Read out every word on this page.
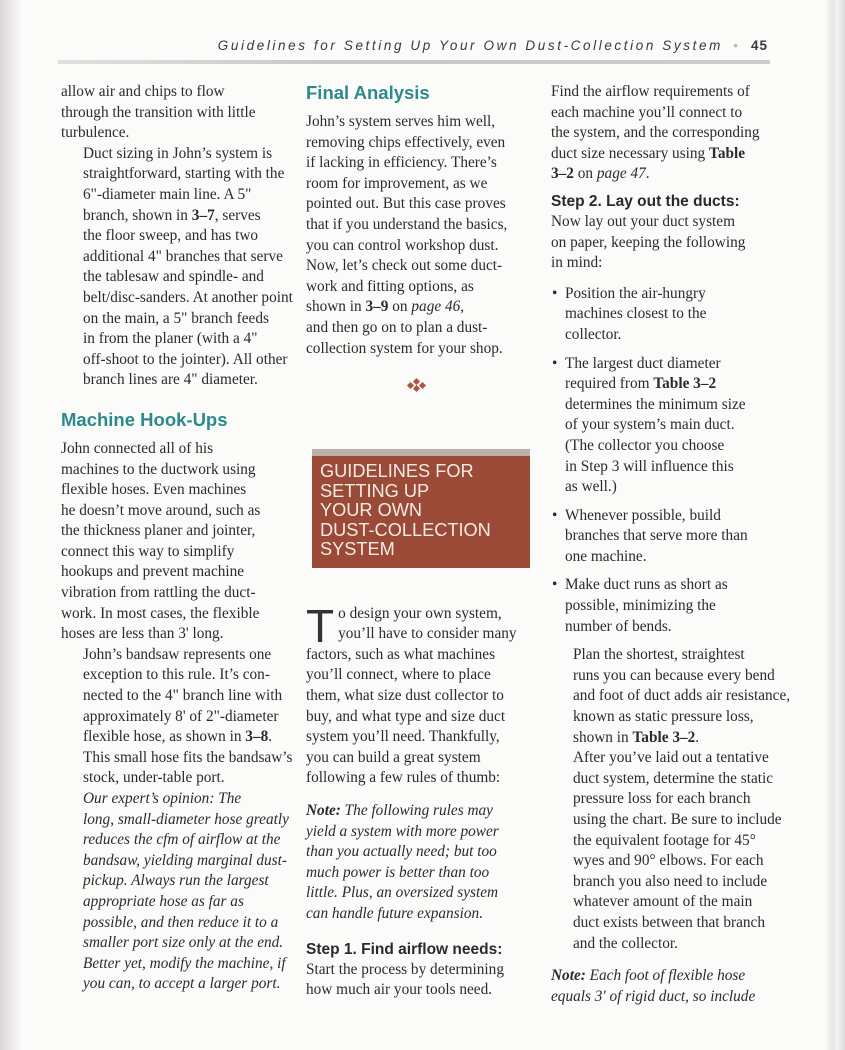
Guidelines for Setting Up Your Own Dust-Collection System • 45

allow air and chips to flow
through the transition with little
turbulence.

Duct sizing in John’s system is
straightforward, starting with the
6"-diameter main line. A 5"
branch, shown in 3–7, serves
the floor sweep, and has two
additional 4" branches that serve
the tablesaw and spindle- and
belt/disc-sanders. At another point
on the main, a 5" branch feeds
in from the planer (with a 4"
off-shoot to the jointer). All other
branch lines are 4" diameter.

Machine Hook-Ups

John connected all of his
machines to the ductwork using
flexible hoses. Even machines
he doesn’t move around, such as
the thickness planer and jointer,
connect this way to simplify
hookups and prevent machine
vibration from rattling the duct-
work. In most cases, the flexible
hoses are less than 3' long.

John’s bandsaw represents one
exception to this rule. It’s con-
nected to the 4" branch line with
approximately 8' of 2"-diameter
flexible hose, as shown in 3–8.
This small hose fits the bandsaw’s
stock, under-table port.

Our expert’s opinion: The
long, small-diameter hose greatly
reduces the cfm of airflow at the
bandsaw, yielding marginal dust-
pickup. Always run the largest
appropriate hose as far as
possible, and then reduce it to a
smaller port size only at the end.
Better yet, modify the machine, if
you can, to accept a larger port.

Final Analysis

John’s system serves him well,
removing chips effectively, even
if lacking in efficiency. There’s
room for improvement, as we
pointed out. But this case proves
that if you understand the basics,
you can control workshop dust.
Now, let’s check out some duct-
work and fitting options, as
shown in 3–9 on page 46,
and then go on to plan a dust-
collection system for your shop.

GUIDELINES FOR
SETTING UP
YOUR OWN
DUST-COLLECTION
SYSTEM

T o design your own system,
you’ll have to consider many
factors, such as what machines
you’ll connect, where to place
them, what size dust collector to
buy, and what type and size duct
system you’ll need. Thankfully,
you can build a great system
following a few rules of thumb:

Note: The following rules may
yield a system with more power
than you actually need; but too
much power is better than too
little. Plus, an oversized system
can handle future expansion.

Step 1. Find airflow needs:

Start the process by determining
how much air your tools need.

Find the airflow requirements of
each machine you’ll connect to
the system, and the corresponding
duct size necessary using Table
3–2 on page 47.

Step 2. Lay out the ducts:

Now lay out your duct system
on paper, keeping the following
in mind:

• Position the air-hungry
machines closest to the
collector.
• The largest duct diameter
required from Table 3–2
determines the minimum size
of your system’s main duct.
(The collector you choose
in Step 3 will influence this
as well.)
• Whenever possible, build
branches that serve more than
one machine.
• Make duct runs as short as
possible, minimizing the
number of bends.

Plan the shortest, straightest
runs you can because every bend
and foot of duct adds air resistance,
known as static pressure loss,
shown in Table 3–2.

After you’ve laid out a tentative
duct system, determine the static
pressure loss for each branch
using the chart. Be sure to include
the equivalent footage for 45°
wyes and 90° elbows. For each
branch you also need to include
whatever amount of the main
duct exists between that branch
and the collector.

Note: Each foot of flexible hose
equals 3' of rigid duct, so include
